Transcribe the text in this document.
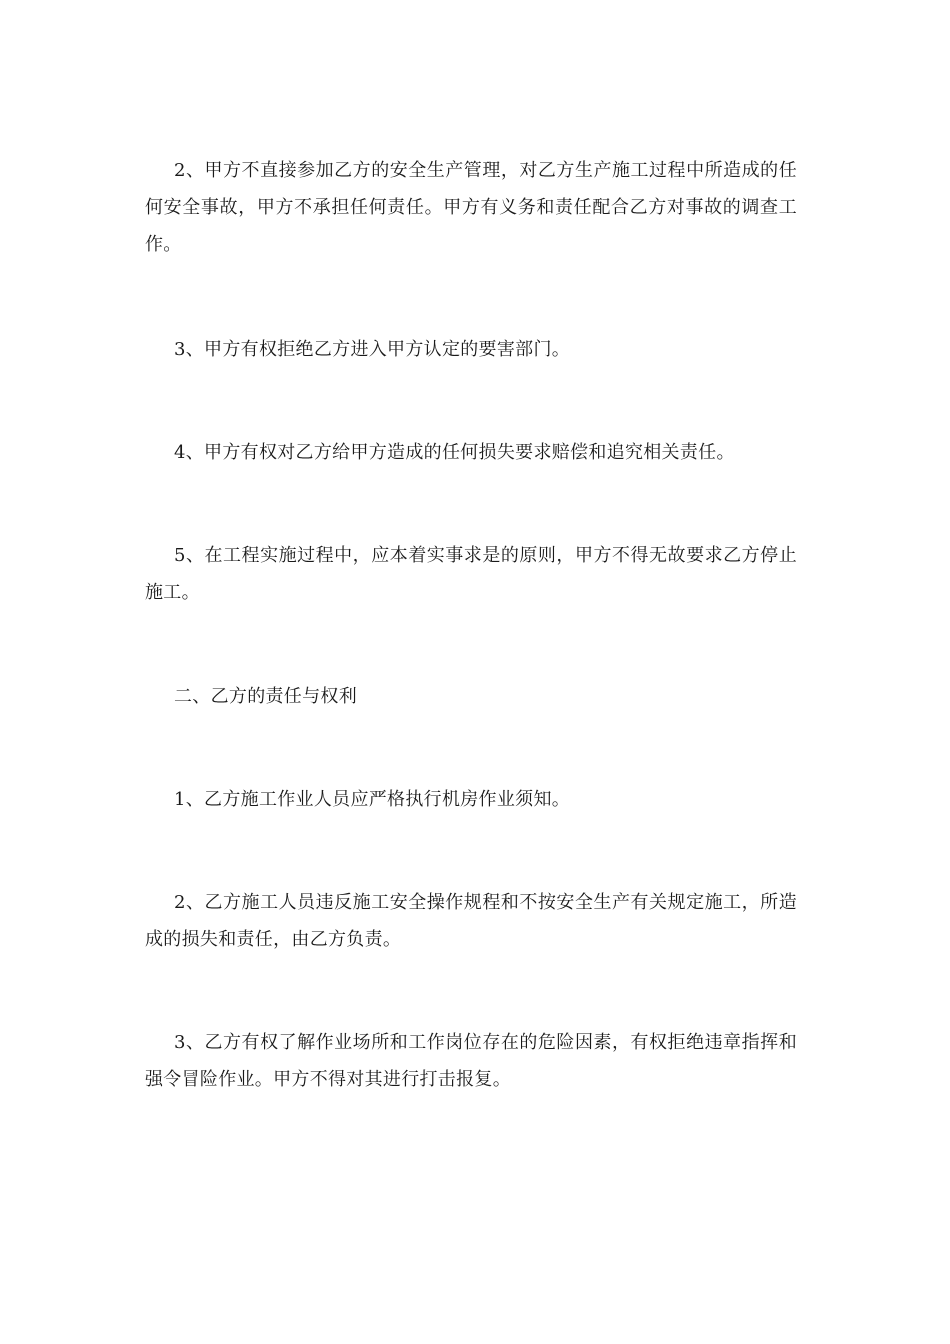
2、甲方不直接参加乙方的安全生产管理，对乙方生产施工过程中所造成的任何安全事故，甲方不承担任何责任。甲方有义务和责任配合乙方对事故的调查工作。

3、甲方有权拒绝乙方进入甲方认定的要害部门。

4、甲方有权对乙方给甲方造成的任何损失要求赔偿和追究相关责任。

5、在工程实施过程中，应本着实事求是的原则，甲方不得无故要求乙方停止施工。

二、乙方的责任与权利

1、乙方施工作业人员应严格执行机房作业须知。

2、乙方施工人员违反施工安全操作规程和不按安全生产有关规定施工，所造成的损失和责任，由乙方负责。

3、乙方有权了解作业场所和工作岗位存在的危险因素，有权拒绝违章指挥和强令冒险作业。甲方不得对其进行打击报复。
